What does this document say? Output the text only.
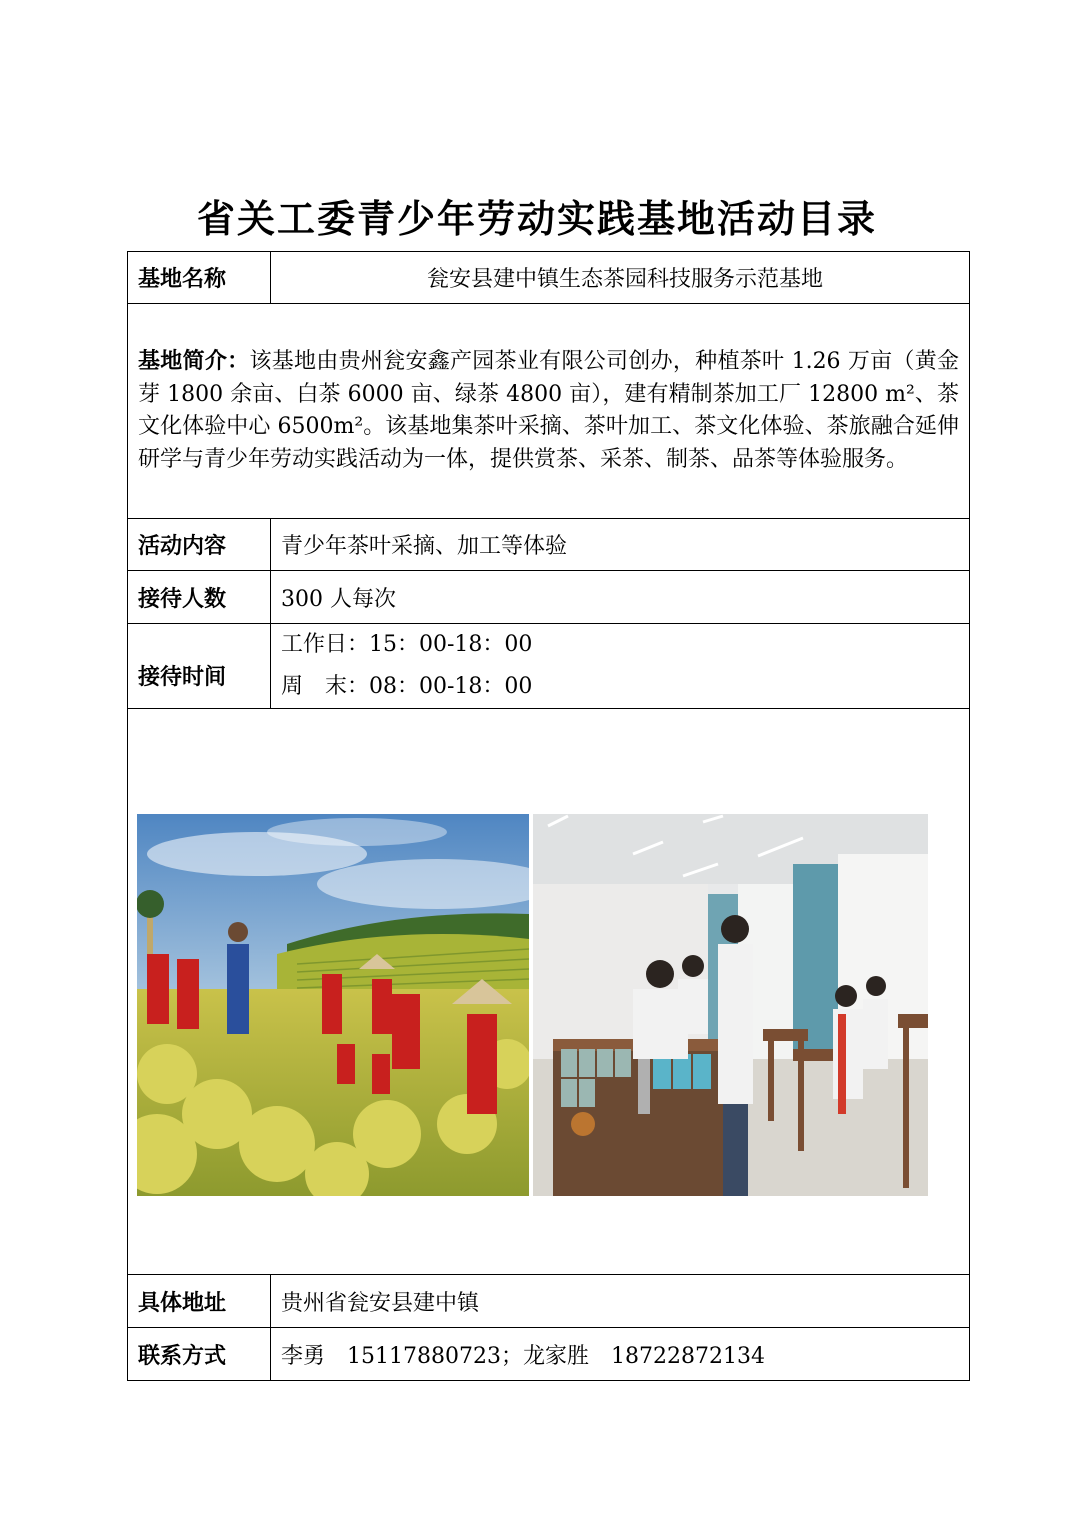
省关工委青少年劳动实践基地活动目录
基地名称	瓮安县建中镇生态茶园科技服务示范基地
基地简介：该基地由贵州瓮安鑫产园茶业有限公司创办，种植茶叶 1.26 万亩（黄金芽 1800 余亩、白茶 6000 亩、绿茶 4800 亩），建有精制茶加工厂 12800 m²、茶文化体验中心 6500m²。该基地集茶叶采摘、茶叶加工、茶文化体验、茶旅融合延伸研学与青少年劳动实践活动为一体，提供赏茶、采茶、制茶、品茶等体验服务。	
活动内容	青少年茶叶采摘、加工等体验
接待人数	300 人每次
接待时间	工作日：15：00-18：00
周　末：08：00-18：00

具体地址	贵州省瓮安县建中镇
联系方式	李勇　15117880723；龙家胜　18722872134
